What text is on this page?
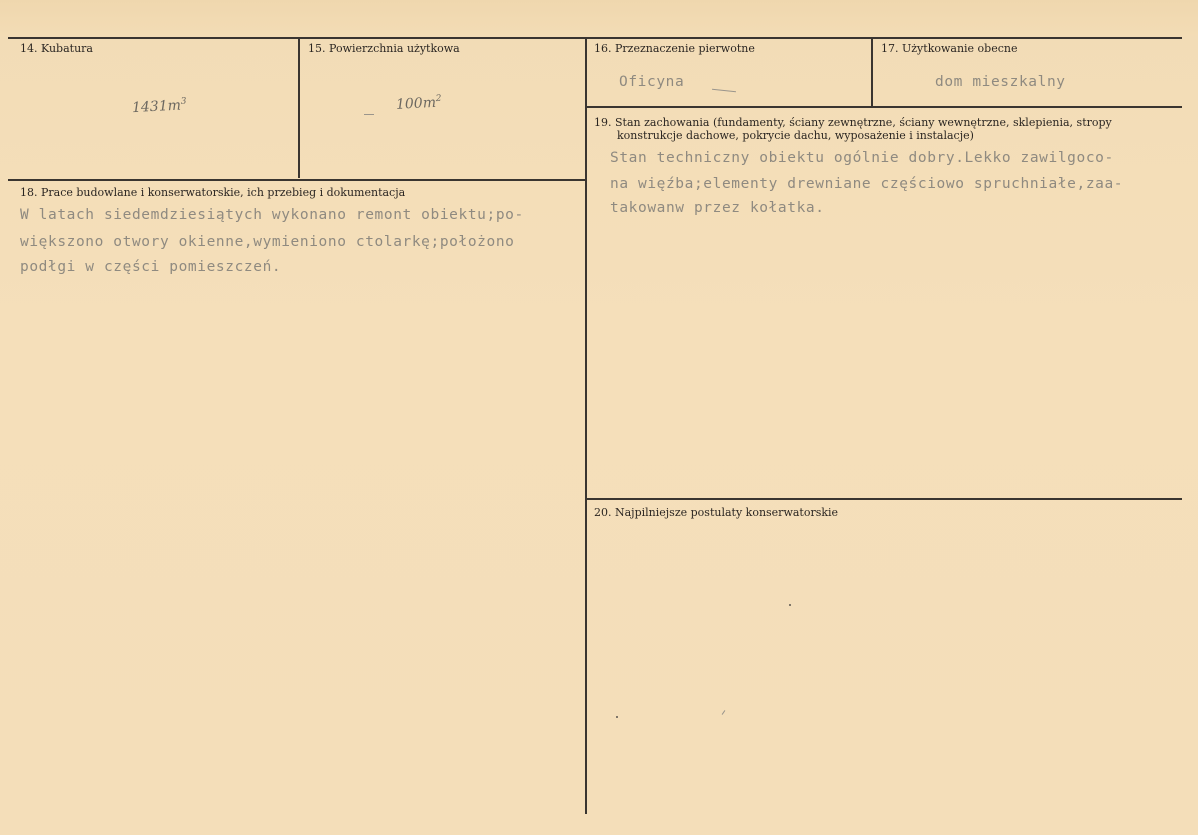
14. Kubatura
$1431m^3$
15. Powierzchnia użytkowa
$100m^2$
16. Przeznaczenie pierwotne
Oficyna
17. Użytkowanie obecne
dom mieszkalny
19. Stan zachowania (fundamenty, ściany zewnętrzne, ściany wewnętrzne, sklepienia, stropy
konstrukcje dachowe, pokrycie dachu, wyposażenie i instalacje)
Stan techniczny obiektu ogólnie dobry.Lekko zawilgoco-
na więźba;elementy drewniane częściowo spruchniałe,zaa-
takowanw przez kołatka.
18. Prace budowlane i konserwatorskie, ich przebieg i dokumentacja
W latach siedemdziesiątych wykonano remont obiektu;po-
większono otwory okienne,wymieniono ctolarkę;położono
podłgi w części pomieszczeń.
20. Najpilniejsze postulaty konserwatorskie
